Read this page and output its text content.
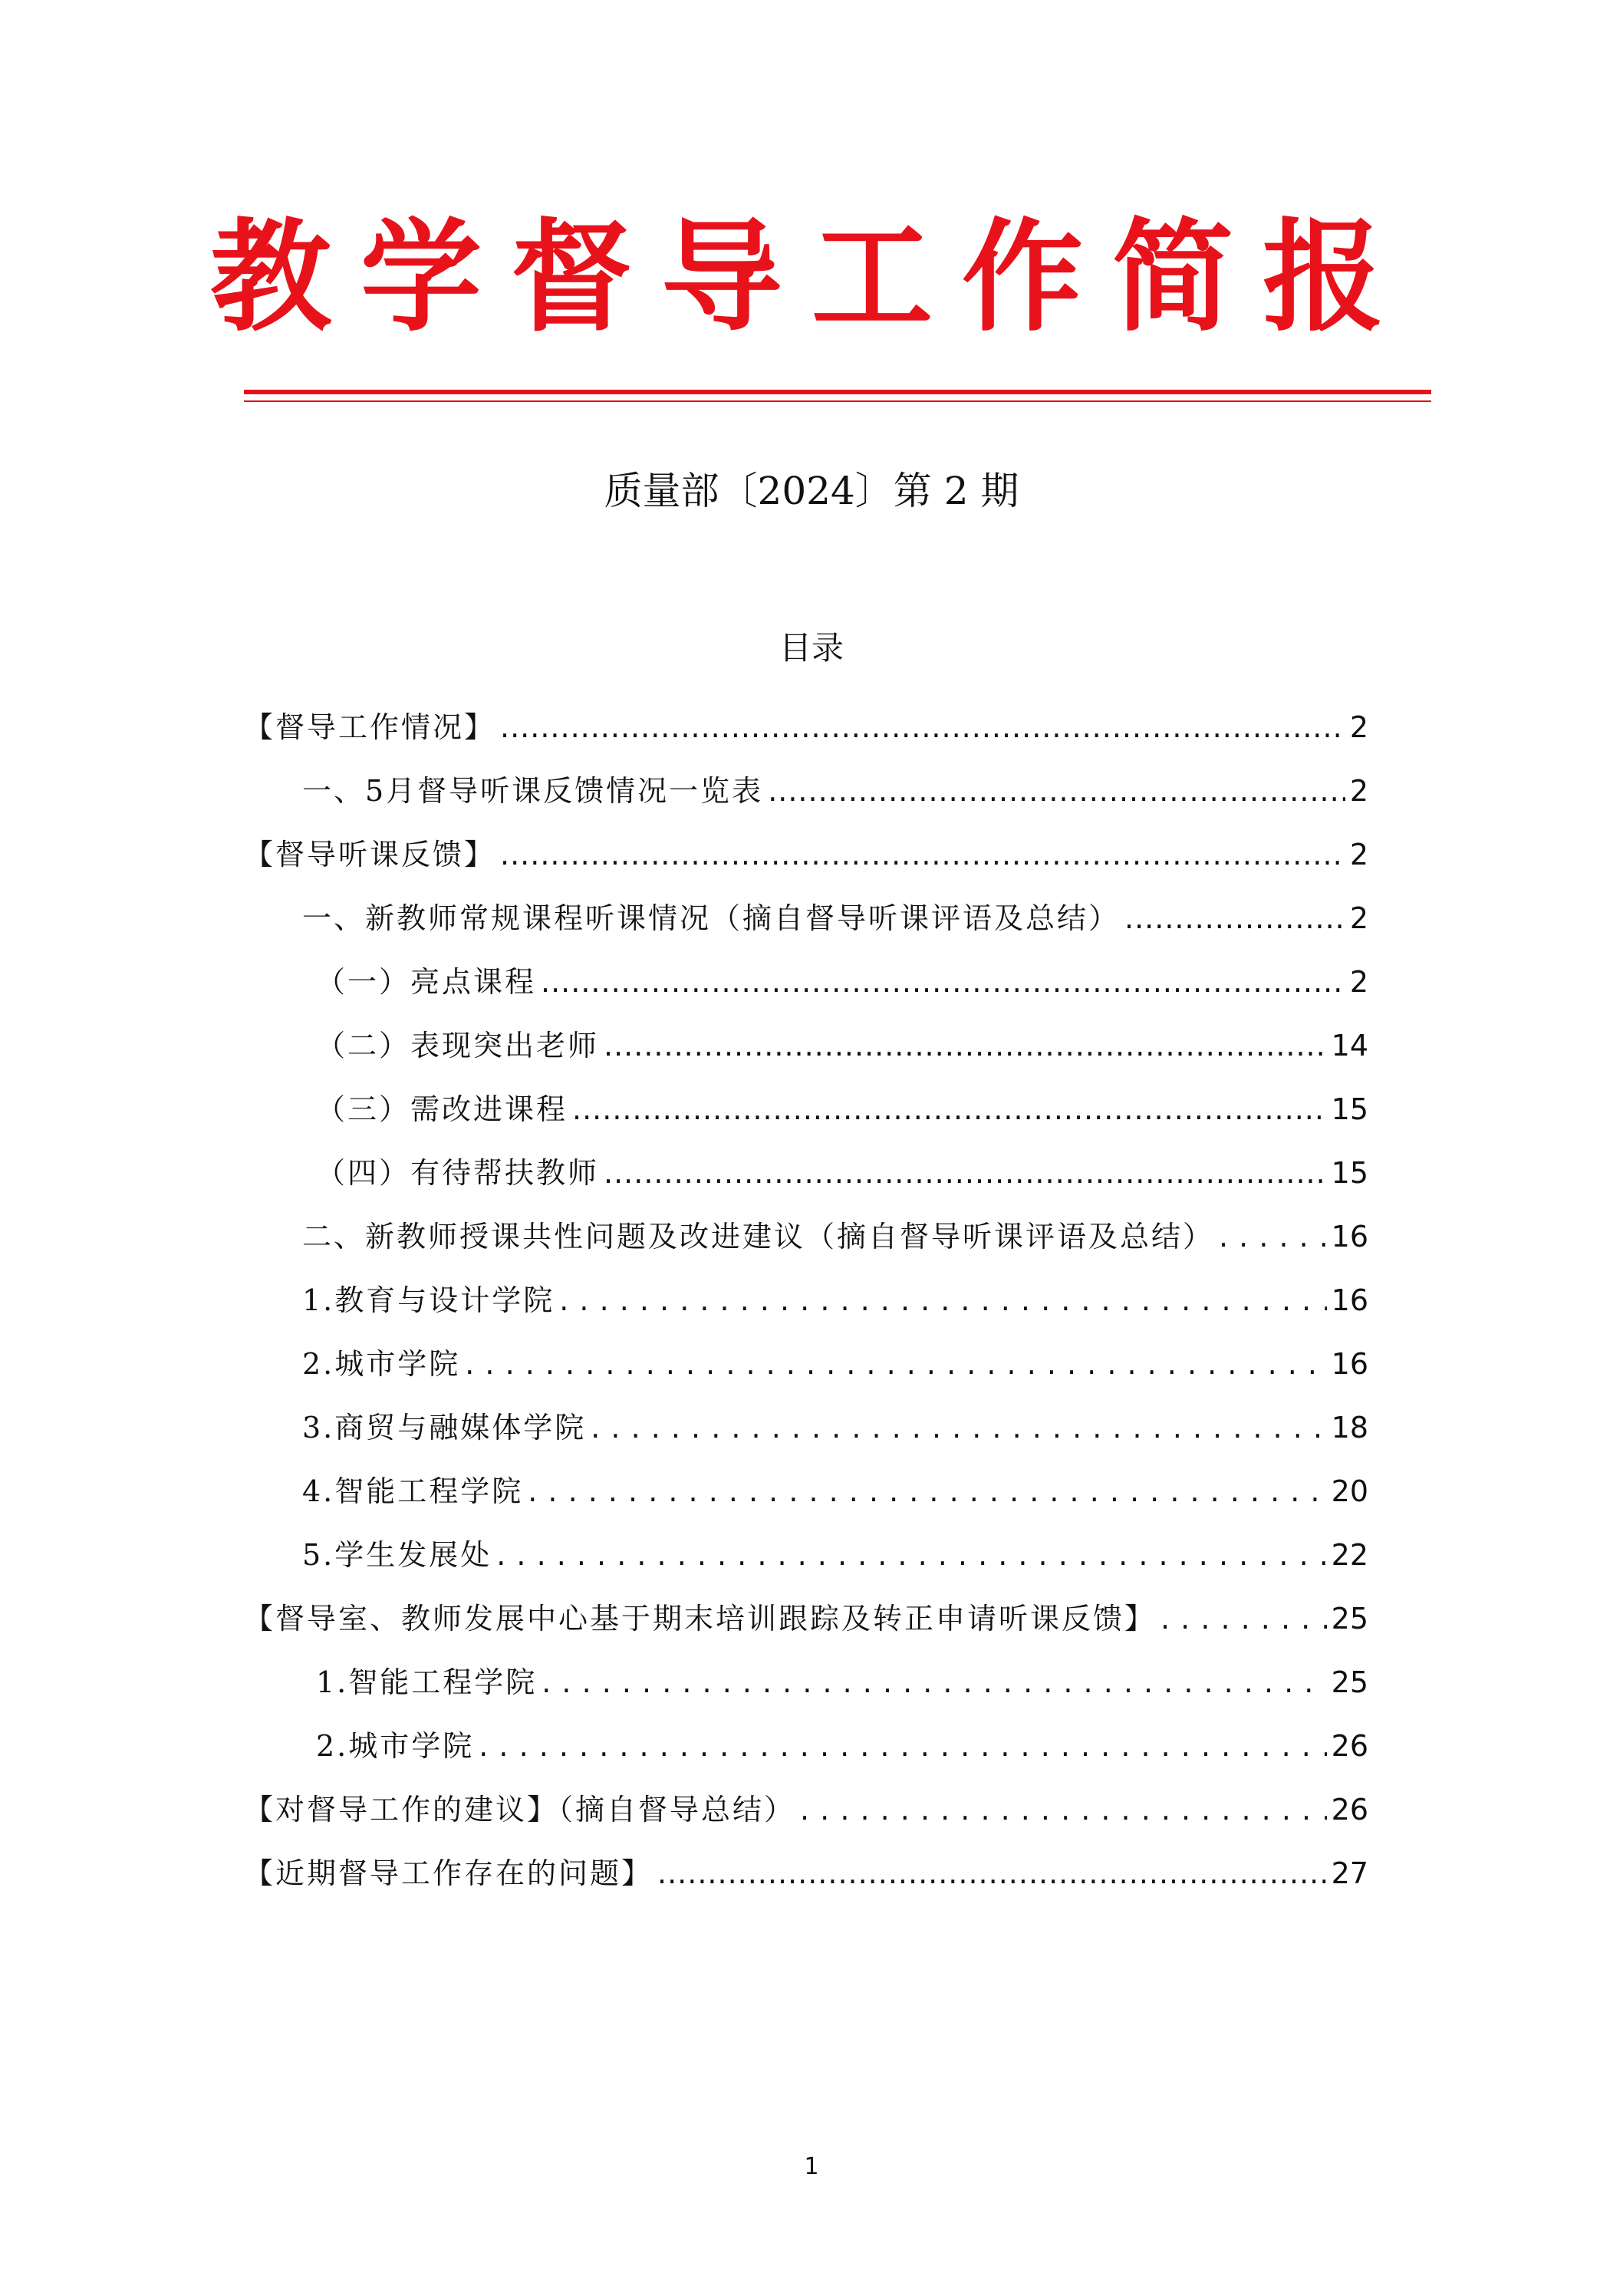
教学督导工作简报
质量部〔2024〕第 2 期
目录
【督导工作情况】 .....	2
一、5月督导听课反馈情况一览表 .....	2
【督导听课反馈】 .....	2
一、新教师常规课程听课情况（摘自督导听课评语及总结） .....	2
（一）亮点课程 .....	2
（二）表现突出老师 .....	14
（三）需改进课程 .....	15
（四）有待帮扶教师 .....	15
二、新教师授课共性问题及改进建议（摘自督导听课评语及总结） . . .	16
1.教育与设计学院 . . .	16
2.城市学院 . . .	16
3.商贸与融媒体学院 . . .	18
4.智能工程学院 . . .	20
5.学生发展处 . . .	22
【督导室、教师发展中心基于期末培训跟踪及转正申请听课反馈】 . . .	25
1.智能工程学院 . . .	25
2.城市学院 . . .	26
【对督导工作的建议】（摘自督导总结） . . .	26
【近期督导工作存在的问题】 .....	27
1
